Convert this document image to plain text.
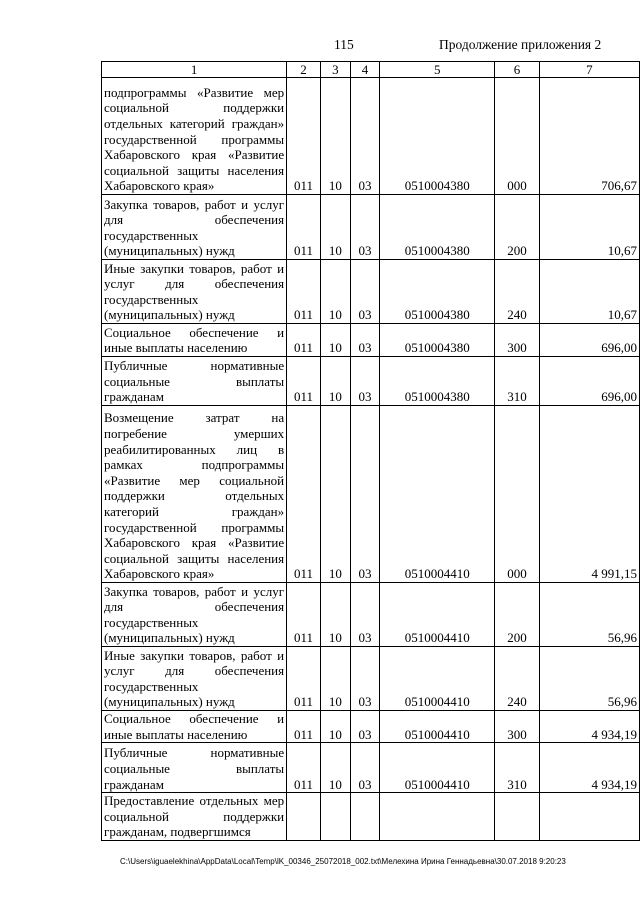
115	Продолжение приложения 2
1	2	3	4	5	6	7
подпрограммы «Развитие мер социальной поддержки отдельных категорий граждан» государственной программы Хабаровского края «Развитие социальной защиты населения Хабаровского края»	011	10	03	0510004380	000	706,67
Закупка товаров, работ и услуг для обеспечения государственных (муниципальных) нужд	011	10	03	0510004380	200	10,67
Иные закупки товаров, работ и услуг для обеспечения государственных (муниципальных) нужд	011	10	03	0510004380	240	10,67
Социальное обеспечение и иные выплаты населению	011	10	03	0510004380	300	696,00
Публичные нормативные социальные выплаты гражданам	011	10	03	0510004380	310	696,00
Возмещение затрат на погребение умерших реабилитированных лиц в рамках подпрограммы «Развитие мер социальной поддержки отдельных категорий граждан» государственной программы Хабаровского края «Развитие социальной защиты населения Хабаровского края»	011	10	03	0510004410	000	4 991,15
Закупка товаров, работ и услуг для обеспечения государственных (муниципальных) нужд	011	10	03	0510004410	200	56,96
Иные закупки товаров, работ и услуг для обеспечения государственных (муниципальных) нужд	011	10	03	0510004410	240	56,96
Социальное обеспечение и иные выплаты населению	011	10	03	0510004410	300	4 934,19
Публичные нормативные социальные выплаты гражданам	011	10	03	0510004410	310	4 934,19
Предоставление отдельных мер социальной поддержки гражданам, подвергшимся						
C:\Users\iguaelekhina\AppData\Local\Temp\lK_00346_25072018_002.txt\Мелехина Ирина Геннадьевна\30.07.2018 9:20:23
